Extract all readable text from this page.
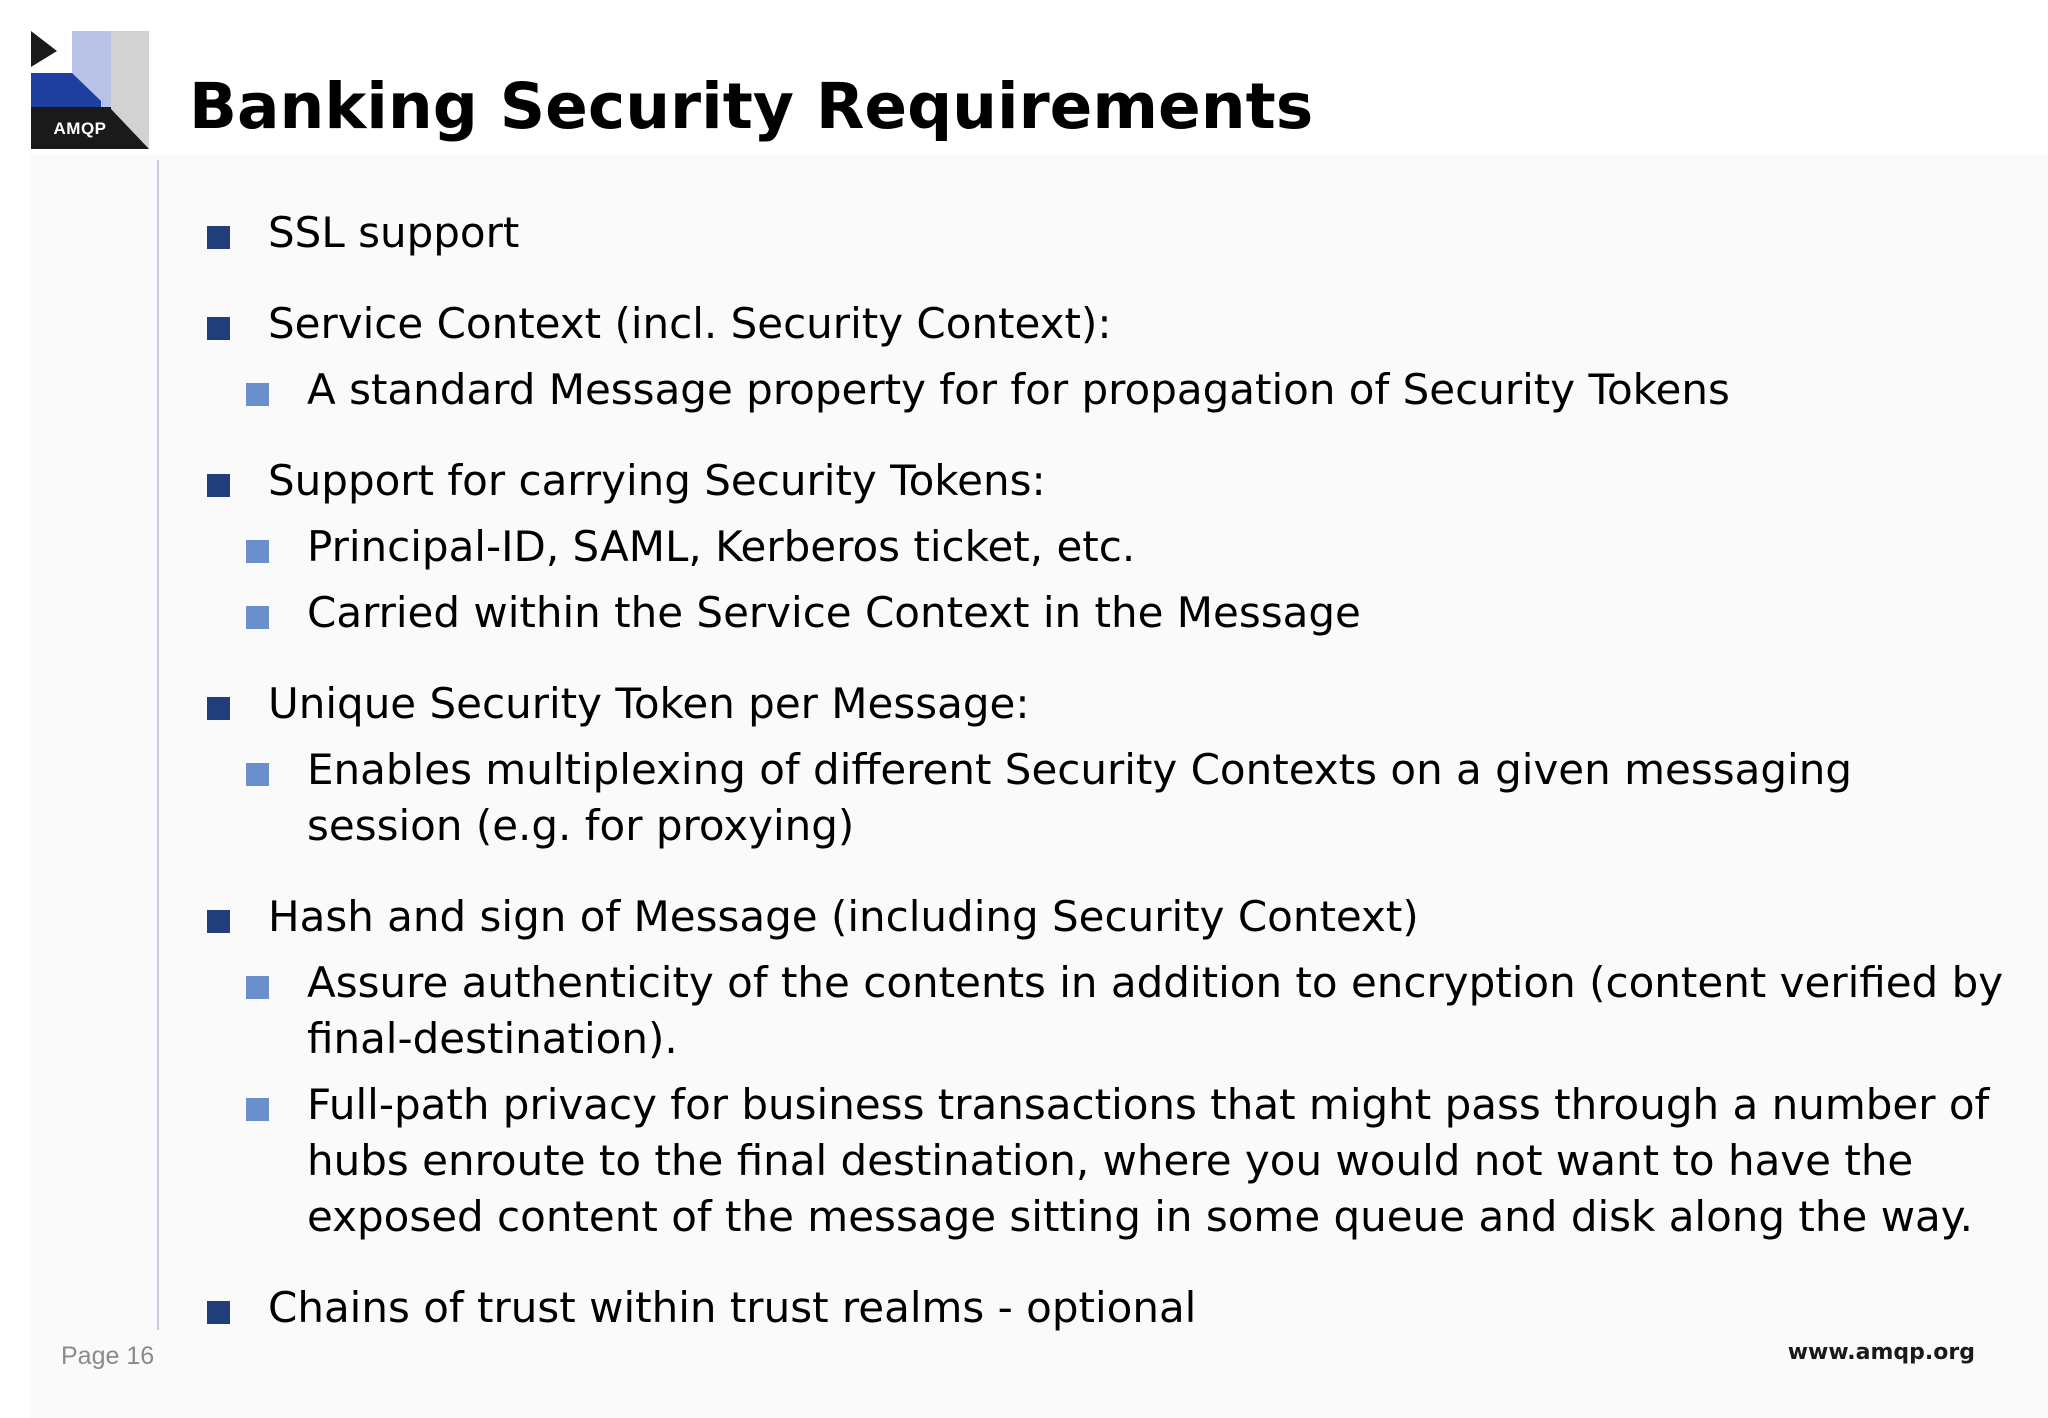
AMQP	Banking Security Requirements
SSL support
Service Context (incl. Security Context):
A standard Message property for for propagation of Security Tokens
Support for carrying Security Tokens:
Principal-ID, SAML, Kerberos ticket, etc.
Carried within the Service Context in the Message
Unique Security Token per Message:
Enables multiplexing of different Security Contexts on a given messaging session (e.g. for proxying)
Hash and sign of Message (including Security Context)
Assure authenticity of the contents in addition to encryption (content verified by final-destination).
Full-path privacy for business transactions that might pass through a number of hubs enroute to the final destination, where you would not want to have the exposed content of the message sitting in some queue and disk along the way.
Chains of trust within trust realms - optional
Page 16	www.amqp.org
